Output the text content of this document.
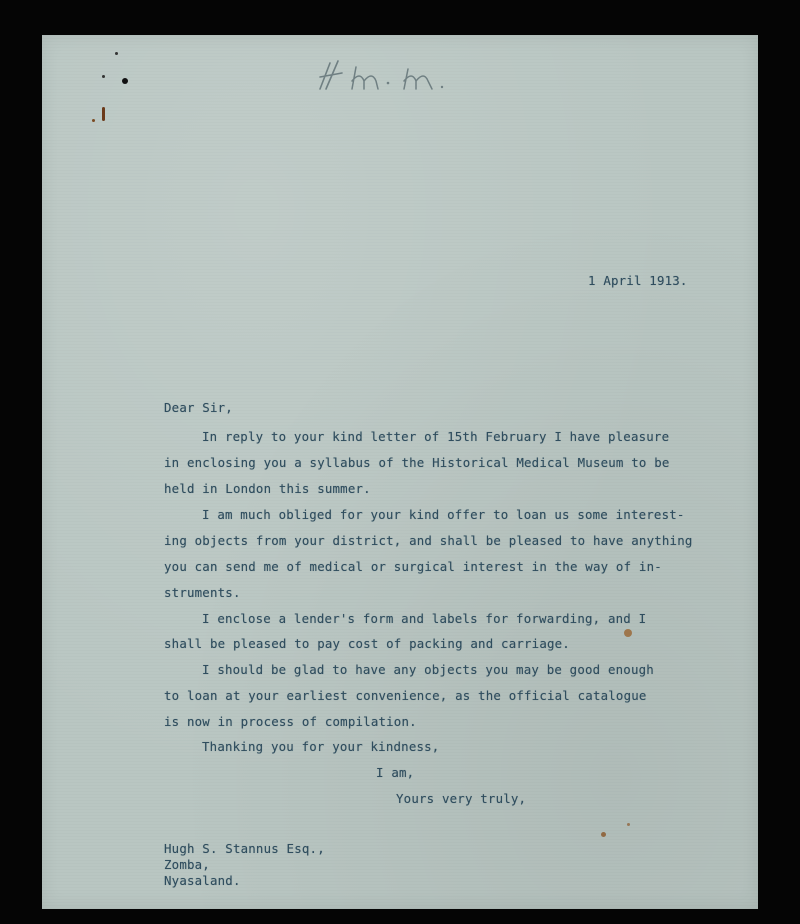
1 April 1913.
Dear Sir,
In reply to your kind letter of 15th February I have pleasure
in enclosing you a syllabus of the Historical Medical Museum to be
held in London this summer.
I am much obliged for your kind offer to loan us some interest-
ing objects from your district, and shall be pleased to have anything
you can send me of medical or surgical interest in the way of in-
struments.
I enclose a lender's form and labels for forwarding, and I
shall be pleased to pay cost of packing and carriage.
I should be glad to have any objects you may be good enough
to loan at your earliest convenience, as the official catalogue
is now in process of compilation.
Thanking you for your kindness,
I am,
Yours very truly,
Hugh S. Stannus Esq.,
Zomba,
Nyasaland.
